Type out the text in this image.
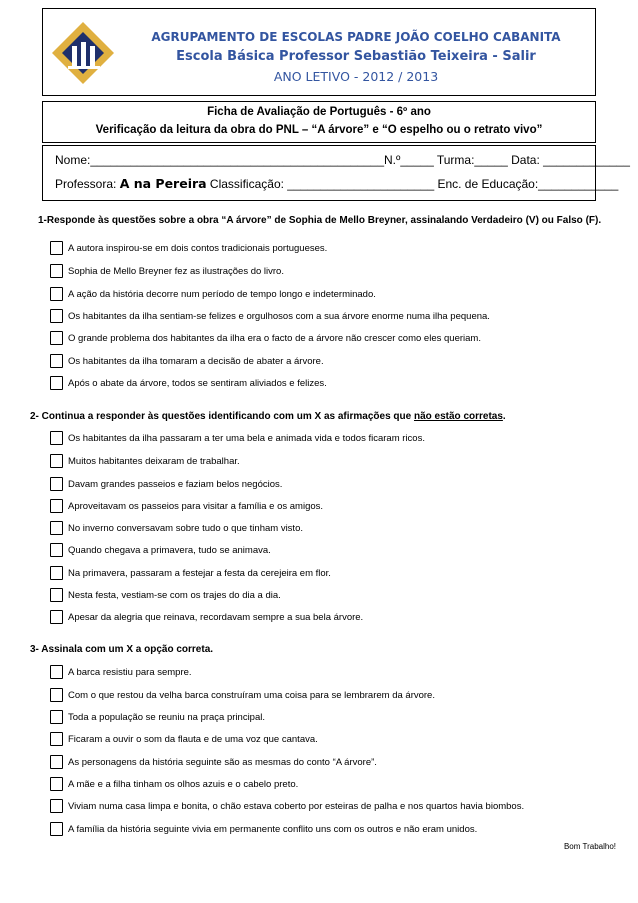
AGRUPAMENTO DE ESCOLAS PADRE JOÃO COELHO CABANITA
Escola Básica Professor Sebastião Teixeira - Salir
ANO LETIVO - 2012 / 2013
Ficha de Avaliação de Português - 6º ano
Verificação da leitura da obra do PNL – “A árvore” e “O espelho ou o retrato vivo”
Nome:____________________________________________N.º_____ Turma:_____ Data: _____________
Professora: A na Pereira Classificação: ______________________ Enc. de Educação:____________
1-Responde às questões sobre a obra “A árvore” de Sophia de Mello Breyner, assinalando Verdadeiro (V) ou Falso (F).
A autora inspirou-se em dois contos tradicionais portugueses.
Sophia de Mello Breyner fez as ilustrações do livro.
A ação da história decorre num período de tempo longo e indeterminado.
Os habitantes da ilha sentiam-se felizes e orgulhosos com a sua árvore enorme numa ilha pequena.
O grande problema dos habitantes da ilha era o facto de a árvore não crescer como eles queriam.
Os habitantes da ilha tomaram a decisão de abater a árvore.
Após o abate da árvore, todos se sentiram aliviados e felizes.
2- Continua a responder às questões identificando com um X as afirmações que não estão corretas.
Os habitantes da ilha passaram a ter uma bela e animada vida e todos ficaram ricos.
Muitos habitantes deixaram de trabalhar.
Davam grandes passeios e faziam belos negócios.
Aproveitavam os passeios para visitar a família e os amigos.
No inverno conversavam sobre tudo o que tinham visto.
Quando chegava a primavera, tudo se animava.
Na primavera, passaram a festejar a festa da cerejeira em flor.
Nesta festa, vestiam-se com os trajes do dia a dia.
Apesar da alegria que reinava, recordavam sempre a sua bela árvore.
3- Assinala com um X a opção correta.
A barca resistiu para sempre.
Com o que restou da velha barca construíram uma coisa para se lembrarem da árvore.
Toda a população se reuniu na praça principal.
Ficaram a ouvir o som da flauta e de uma voz que cantava.
As personagens da história seguinte são as mesmas do conto “A árvore”.
A mãe e a filha tinham os olhos azuis e o cabelo preto.
Viviam numa casa limpa e bonita, o chão estava coberto por esteiras de palha e nos quartos havia biombos.
A família da história seguinte vivia em permanente conflito uns com os outros e não eram unidos.
Bom Trabalho!
